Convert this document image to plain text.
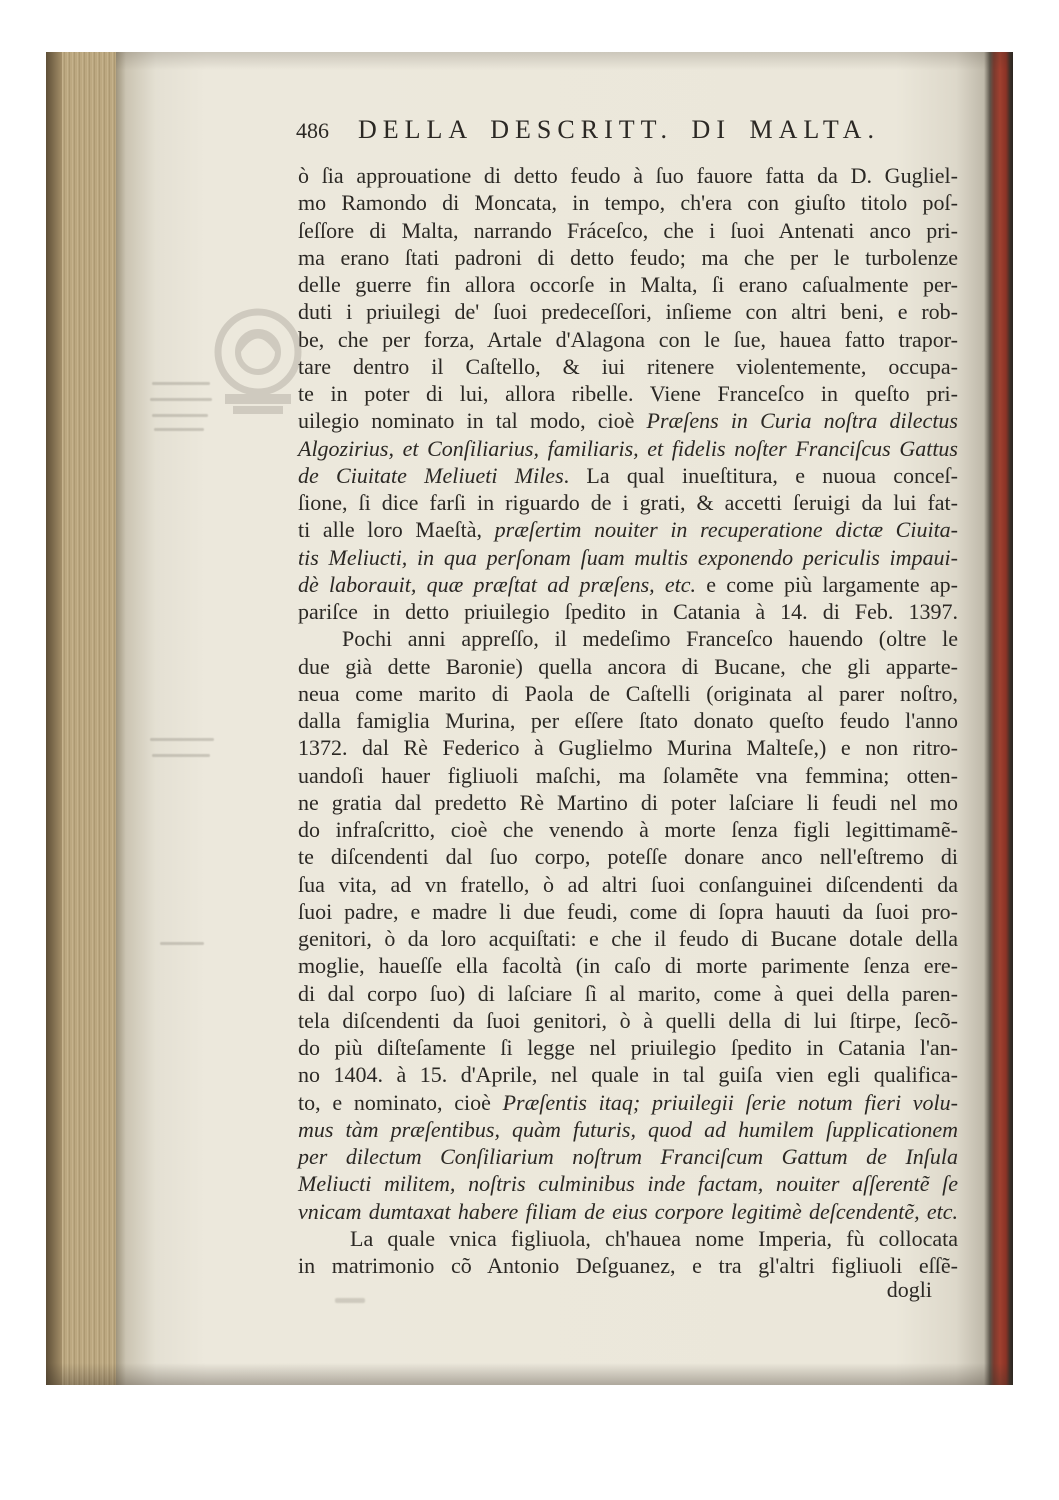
486 DELLA DESCRITT. DI MALTA.
ò ſia approuatione di detto feudo à ſuo fauore fatta da D. Gugliel-
mo Ramondo di Moncata, in tempo, ch'era con giuſto titolo poſ-
ſeſſore di Malta, narrando Fráceſco, che i ſuoi Antenati anco pri-
ma erano ſtati padroni di detto feudo; ma che per le turbolenze
delle guerre fin allora occorſe in Malta, ſi erano caſualmente per-
duti i priuilegi de' ſuoi predeceſſori, inſieme con altri beni, e rob-
be, che per forza, Artale d'Alagona con le ſue, hauea fatto trapor-
tare dentro il Caſtello, & iui ritenere violentemente, occupa-
te in poter di lui, allora ribelle. Viene Franceſco in queſto pri-
uilegio nominato in tal modo, cioè Præſens in Curia noſtra dilectus
Algozirius, et Conſiliarius, familiaris, et fidelis noſter Franciſcus Gattus
de Ciuitate Meliueti Miles. La qual inueſtitura, e nuoua conceſ-
ſione, ſi dice farſi in riguardo de i grati, & accetti ſeruigi da lui fat-
ti alle loro Maeſtà, præſertim nouiter in recuperatione dictæ Ciuita-
tis Meliucti, in qua perſonam ſuam multis exponendo periculis impaui-
dè laborauit, quæ præſtat ad præſens, etc. e come più largamente ap-
pariſce in detto priuilegio ſpedito in Catania à 14. di Feb. 1397.
Pochi anni appreſſo, il medeſimo Franceſco hauendo (oltre le
due già dette Baronie) quella ancora di Bucane, che gli apparte-
neua come marito di Paola de Caſtelli (originata al parer noſtro,
dalla famiglia Murina, per eſſere ſtato donato queſto feudo l'anno
1372. dal Rè Federico à Guglielmo Murina Malteſe,) e non ritro-
uandoſi hauer figliuoli maſchi, ma ſolamẽte vna femmina; otten-
ne gratia dal predetto Rè Martino di poter laſciare li feudi nel mo
do infraſcritto, cioè che venendo à morte ſenza figli legittimamẽ-
te diſcendenti dal ſuo corpo, poteſſe donare anco nell'eſtremo di
ſua vita, ad vn fratello, ò ad altri ſuoi conſanguinei diſcendenti da
ſuoi padre, e madre li due feudi, come di ſopra hauuti da ſuoi pro-
genitori, ò da loro acquiſtati: e che il feudo di Bucane dotale della
moglie, haueſſe ella facoltà (in caſo di morte parimente ſenza ere-
di dal corpo ſuo) di laſciare ſì al marito, come à quei della paren-
tela diſcendenti da ſuoi genitori, ò à quelli della di lui ſtirpe, ſecõ-
do più diſteſamente ſi legge nel priuilegio ſpedito in Catania l'an-
no 1404. à 15. d'Aprile, nel quale in tal guiſa vien egli qualifica-
to, e nominato, cioè Præſentis itaq; priuilegii ſerie notum fieri volu-
mus tàm præſentibus, quàm futuris, quod ad humilem ſupplicationem
per dilectum Conſiliarium noſtrum Franciſcum Gattum de Inſula
Meliucti militem, noſtris culminibus inde factam, nouiter aſſerentẽ ſe
vnicam dumtaxat habere filiam de eius corpore legitimè deſcendentẽ, etc.
La quale vnica figliuola, ch'hauea nome Imperia, fù collocata
in matrimonio cõ Antonio Deſguanez, e tra gl'altri figliuoli eſſẽ-
dogli
